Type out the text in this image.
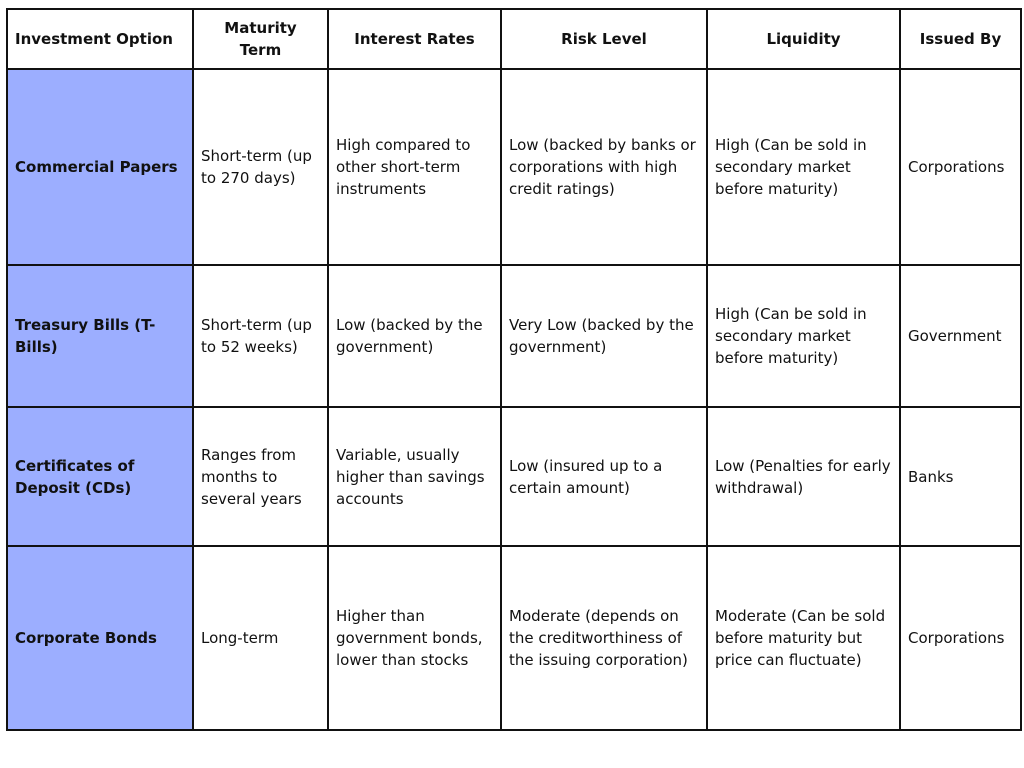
Investment Option	Maturity Term	Interest Rates	Risk Level	Liquidity	Issued By
Commercial Papers	Short-term (up to 270 days)	High compared to other short-term instruments	Low (backed by banks or corporations with high credit ratings)	High (Can be sold in secondary market before maturity)	Corporations
Treasury Bills (T-Bills)	Short-term (up to 52 weeks)	Low (backed by the government)	Very Low (backed by the government)	High (Can be sold in secondary market before maturity)	Government
Certificates of Deposit (CDs)	Ranges from months to several years	Variable, usually higher than savings accounts	Low (insured up to a certain amount)	Low (Penalties for early withdrawal)	Banks
Corporate Bonds	Long-term	Higher than government bonds, lower than stocks	Moderate (depends on the creditworthiness of the issuing corporation)	Moderate (Can be sold before maturity but price can fluctuate)	Corporations
